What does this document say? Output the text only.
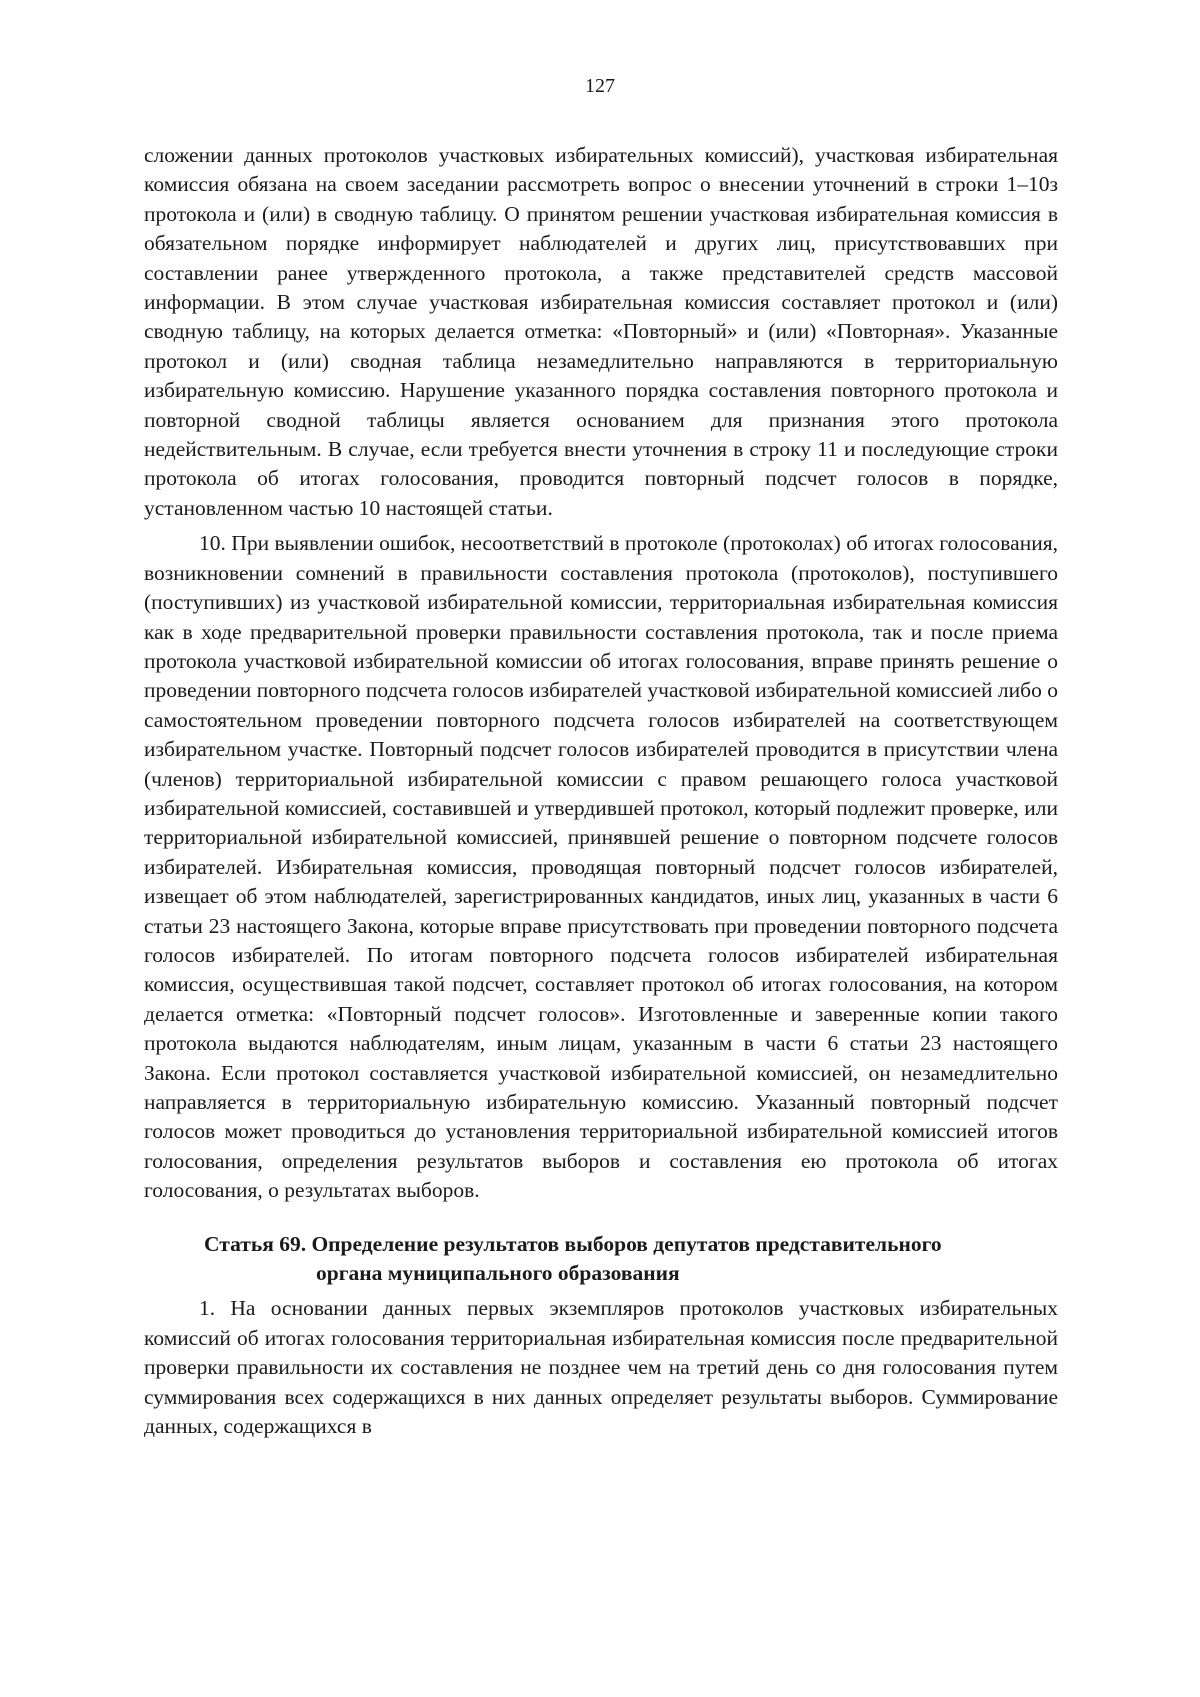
127

сложении данных протоколов участковых избирательных комиссий), участковая избирательная комиссия обязана на своем заседании рассмотреть вопрос о внесении уточнений в строки 1–10з протокола и (или) в сводную таблицу. О принятом решении участковая избирательная комиссия в обязательном порядке информирует наблюдателей и других лиц, присутствовавших при составлении ранее утвержденного протокола, а также представителей средств массовой информации. В этом случае участковая избирательная комиссия составляет протокол и (или) сводную таблицу, на которых делается отметка: «Повторный» и (или) «Повторная». Указанные протокол и (или) сводная таблица незамедлительно направляются в территориальную избирательную комиссию. Нарушение указанного порядка составления повторного протокола и повторной сводной таблицы является основанием для признания этого протокола недействительным. В случае, если требуется внести уточнения в строку 11 и последующие строки протокола об итогах голосования, проводится повторный подсчет голосов в порядке, установленном частью 10 настоящей статьи.

10. При выявлении ошибок, несоответствий в протоколе (протоколах) об итогах голосования, возникновении сомнений в правильности составления протокола (протоколов), поступившего (поступивших) из участковой избирательной комиссии, территориальная избирательная комиссия как в ходе предварительной проверки правильности составления протокола, так и после приема протокола участковой избирательной комиссии об итогах голосования, вправе принять решение о проведении повторного подсчета голосов избирателей участковой избирательной комиссией либо о самостоятельном проведении повторного подсчета голосов избирателей на соответствующем избирательном участке. Повторный подсчет голосов избирателей проводится в присутствии члена (членов) территориальной избирательной комиссии с правом решающего голоса участковой избирательной комиссией, составившей и утвердившей протокол, который подлежит проверке, или территориальной избирательной комиссией, принявшей решение о повторном подсчете голосов избирателей. Избирательная комиссия, проводящая повторный подсчет голосов избирателей, извещает об этом наблюдателей, зарегистрированных кандидатов, иных лиц, указанных в части 6 статьи 23 настоящего Закона, которые вправе присутствовать при проведении повторного подсчета голосов избирателей. По итогам повторного подсчета голосов избирателей избирательная комиссия, осуществившая такой подсчет, составляет протокол об итогах голосования, на котором делается отметка: «Повторный подсчет голосов». Изготовленные и заверенные копии такого протокола выдаются наблюдателям, иным лицам, указанным в части 6 статьи 23 настоящего Закона. Если протокол составляется участковой избирательной комиссией, он незамедлительно направляется в территориальную избирательную комиссию. Указанный повторный подсчет голосов может проводиться до установления территориальной избирательной комиссией итогов голосования, определения результатов выборов и составления ею протокола об итогах голосования, о результатах выборов.

Статья 69. Определение результатов выборов депутатов представительного
органа муниципального образования

1. На основании данных первых экземпляров протоколов участковых избирательных комиссий об итогах голосования территориальная избирательная комиссия после предварительной проверки правильности их составления не позднее чем на третий день со дня голосования путем суммирования всех содержащихся в них данных определяет результаты выборов. Суммирование данных, содержащихся в
